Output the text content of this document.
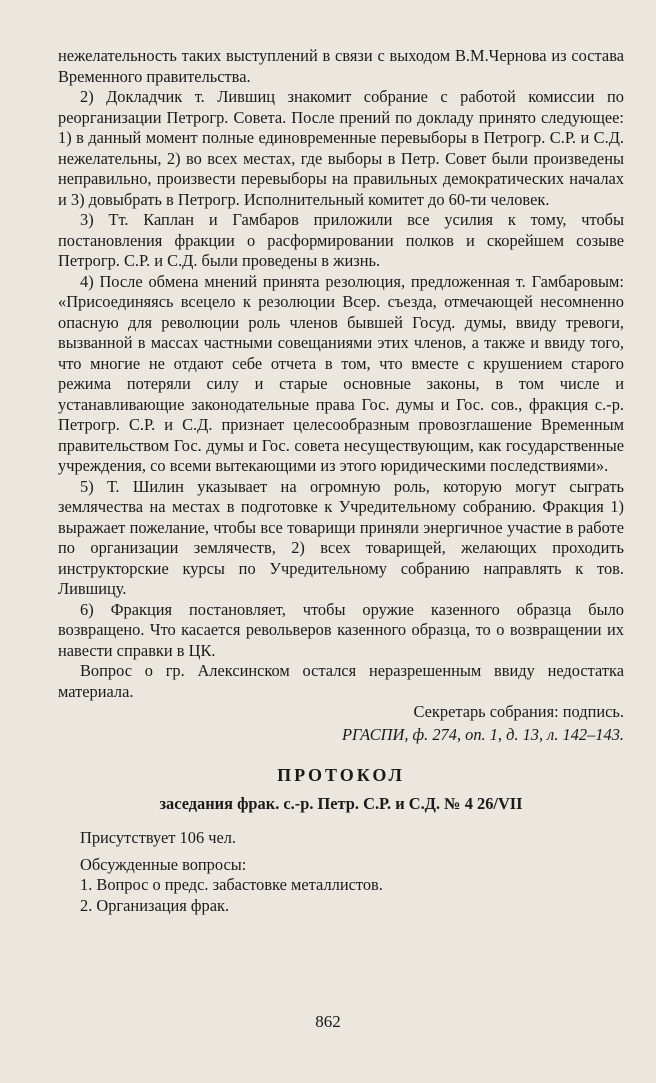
нежелательность таких выступлений в связи с выходом В.М.Чернова из состава Временного правительства.

2) Докладчик т. Лившиц знакомит собрание с работой комиссии по реорганизации Петрогр. Совета. После прений по докладу принято следующее: 1) в данный момент полные единовременные перевыборы в Петрогр. С.Р. и С.Д. нежелательны, 2) во всех местах, где выборы в Петр. Совет были произведены неправильно, произвести перевыборы на правильных демократических началах и 3) довыбрать в Петрогр. Исполнительный комитет до 60-ти человек.

3) Тт. Каплан и Гамбаров приложили все усилия к тому, чтобы постановления фракции о расформировании полков и скорейшем созыве Петрогр. С.Р. и С.Д. были проведены в жизнь.

4) После обмена мнений принята резолюция, предложенная т. Гамбаровым: «Присоединяясь всецело к резолюции Всер. съезда, отмечающей несомненно опасную для революции роль членов бывшей Госуд. думы, ввиду тревоги, вызванной в массах частными совещаниями этих членов, а также и ввиду того, что многие не отдают себе отчета в том, что вместе с крушением старого режима потеряли силу и старые основные законы, в том числе и устанавливающие законодательные права Гос. думы и Гос. сов., фракция с.-р. Петрогр. С.Р. и С.Д. признает целесообразным провозглашение Временным правительством Гос. думы и Гос. совета несуществующим, как государственные учреждения, со всеми вытекающими из этого юридическими последствиями».

5) Т. Шилин указывает на огромную роль, которую могут сыграть землячества на местах в подготовке к Учредительному собранию. Фракция 1) выражает пожелание, чтобы все товарищи приняли энергичное участие в работе по организации землячеств, 2) всех товарищей, желающих проходить инструкторские курсы по Учредительному собранию направлять к тов. Лившицу.

6) Фракция постановляет, чтобы оружие казенного образца было возвращено. Что касается револьверов казенного образца, то о возвращении их навести справки в ЦК.

Вопрос о гр. Алексинском остался неразрешенным ввиду недостатка материала.

Секретарь собрания: подпись.

РГАСПИ, ф. 274, оп. 1, д. 13, л. 142–143.

ПРОТОКОЛ
заседания фрак. с.-р. Петр. С.Р. и С.Д. № 4 26/VII

Присутствует 106 чел.

Обсужденные вопросы:

1. Вопрос о предс. забастовке металлистов.

2. Организация фрак.

862
